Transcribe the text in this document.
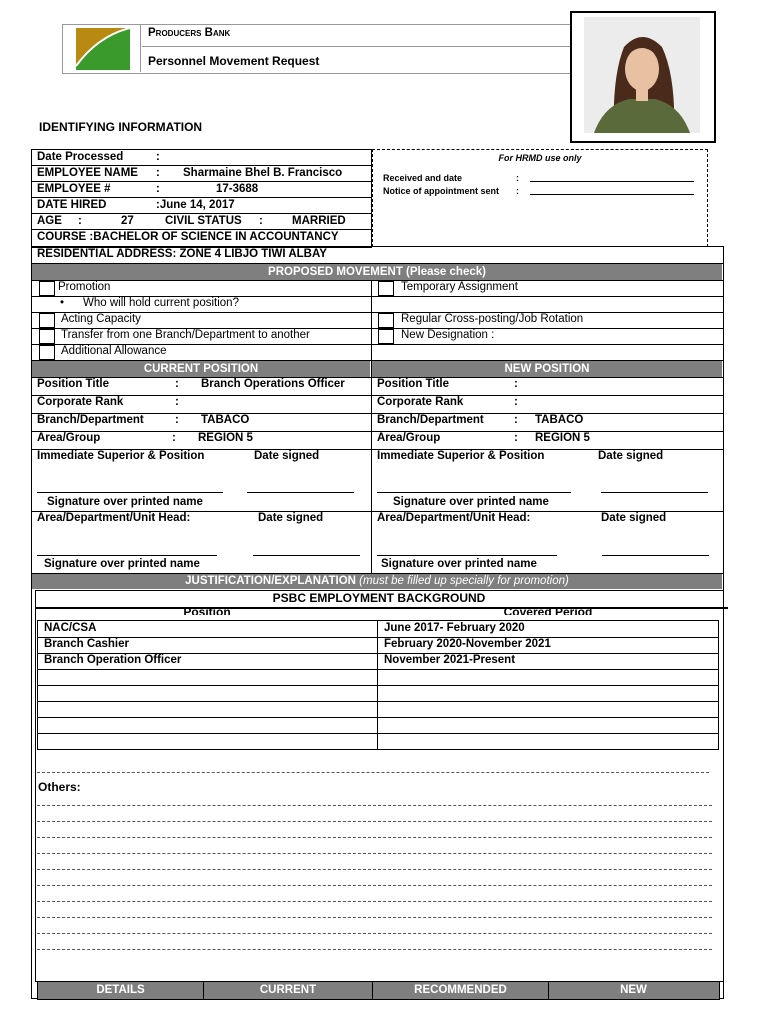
Producers Bank
Personnel Movement Request
IDENTIFYING INFORMATION
Date Processed	:
EMPLOYEE NAME : Sharmaine Bhel B. Francisco
EMPLOYEE #	:	17-3688
DATE HIRED	:June 14, 2017
AGE :	27	CIVIL STATUS :	MARRIED
COURSE :BACHELOR OF SCIENCE IN ACCOUNTANCY
For HRMD use only
Received and date	:
Notice of appointment sent :
RESIDENTIAL ADDRESS: ZONE 4 LIBJO TIWI ALBAY
PROPOSED MOVEMENT (Please check)
Promotion
• Who will hold current position?
Acting Capacity
Transfer from one Branch/Department to another
Additional Allowance
Temporary Assignment
Regular Cross-posting/Job Rotation
New Designation :
CURRENT POSITION	NEW POSITION
Position Title	: Branch Operations Officer
Corporate Rank	:
Branch/Department	: TABACO
Area/Group	: REGION 5
Immediate Superior & Position	Date signed
Signature over printed name
Area/Department/Unit Head:	Date signed
Signature over printed name
Position Title	:
Corporate Rank	:
Branch/Department	: TABACO
Area/Group	: REGION 5
Immediate Superior & Position	Date signed
Signature over printed name
Area/Department/Unit Head:	Date signed
Signature over printed name
JUSTIFICATION/EXPLANATION (must be filled up specially for promotion)
PSBC EMPLOYMENT BACKGROUND
Position	Covered Period
NAC/CSA	June 2017- February 2020
Branch Cashier	February 2020-November 2021
Branch Operation Officer	November 2021-Present
Others:
DETAILS	CURRENT	RECOMMENDED	NEW
